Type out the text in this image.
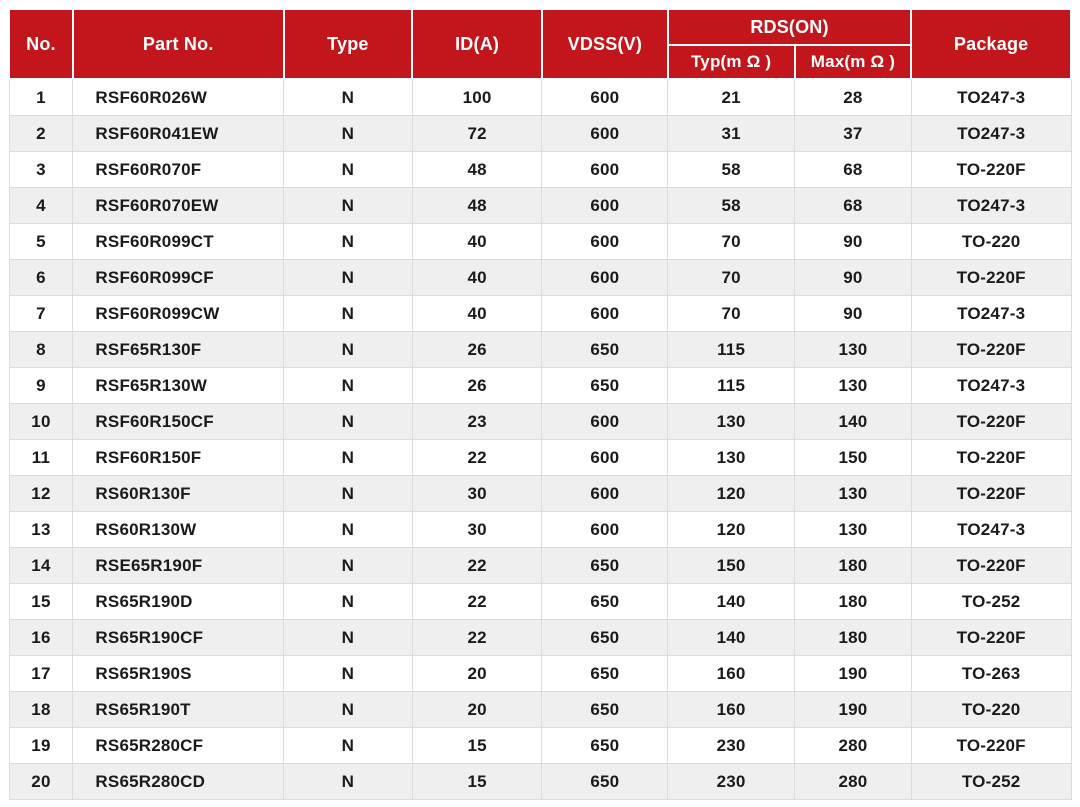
No.	Part No.	Type	ID(A)	VDSS(V)	RDS(ON)		Package
					Typ(m Ω )	Max(m Ω )	
1	RSF60R026W	N	100	600	21	28	TO247-3
2	RSF60R041EW	N	72	600	31	37	TO247-3
3	RSF60R070F	N	48	600	58	68	TO-220F
4	RSF60R070EW	N	48	600	58	68	TO247-3
5	RSF60R099CT	N	40	600	70	90	TO-220
6	RSF60R099CF	N	40	600	70	90	TO-220F
7	RSF60R099CW	N	40	600	70	90	TO247-3
8	RSF65R130F	N	26	650	115	130	TO-220F
9	RSF65R130W	N	26	650	115	130	TO247-3
10	RSF60R150CF	N	23	600	130	140	TO-220F
11	RSF60R150F	N	22	600	130	150	TO-220F
12	RS60R130F	N	30	600	120	130	TO-220F
13	RS60R130W	N	30	600	120	130	TO247-3
14	RSE65R190F	N	22	650	150	180	TO-220F
15	RS65R190D	N	22	650	140	180	TO-252
16	RS65R190CF	N	22	650	140	180	TO-220F
17	RS65R190S	N	20	650	160	190	TO-263
18	RS65R190T	N	20	650	160	190	TO-220
19	RS65R280CF	N	15	650	230	280	TO-220F
20	RS65R280CD	N	15	650	230	280	TO-252
